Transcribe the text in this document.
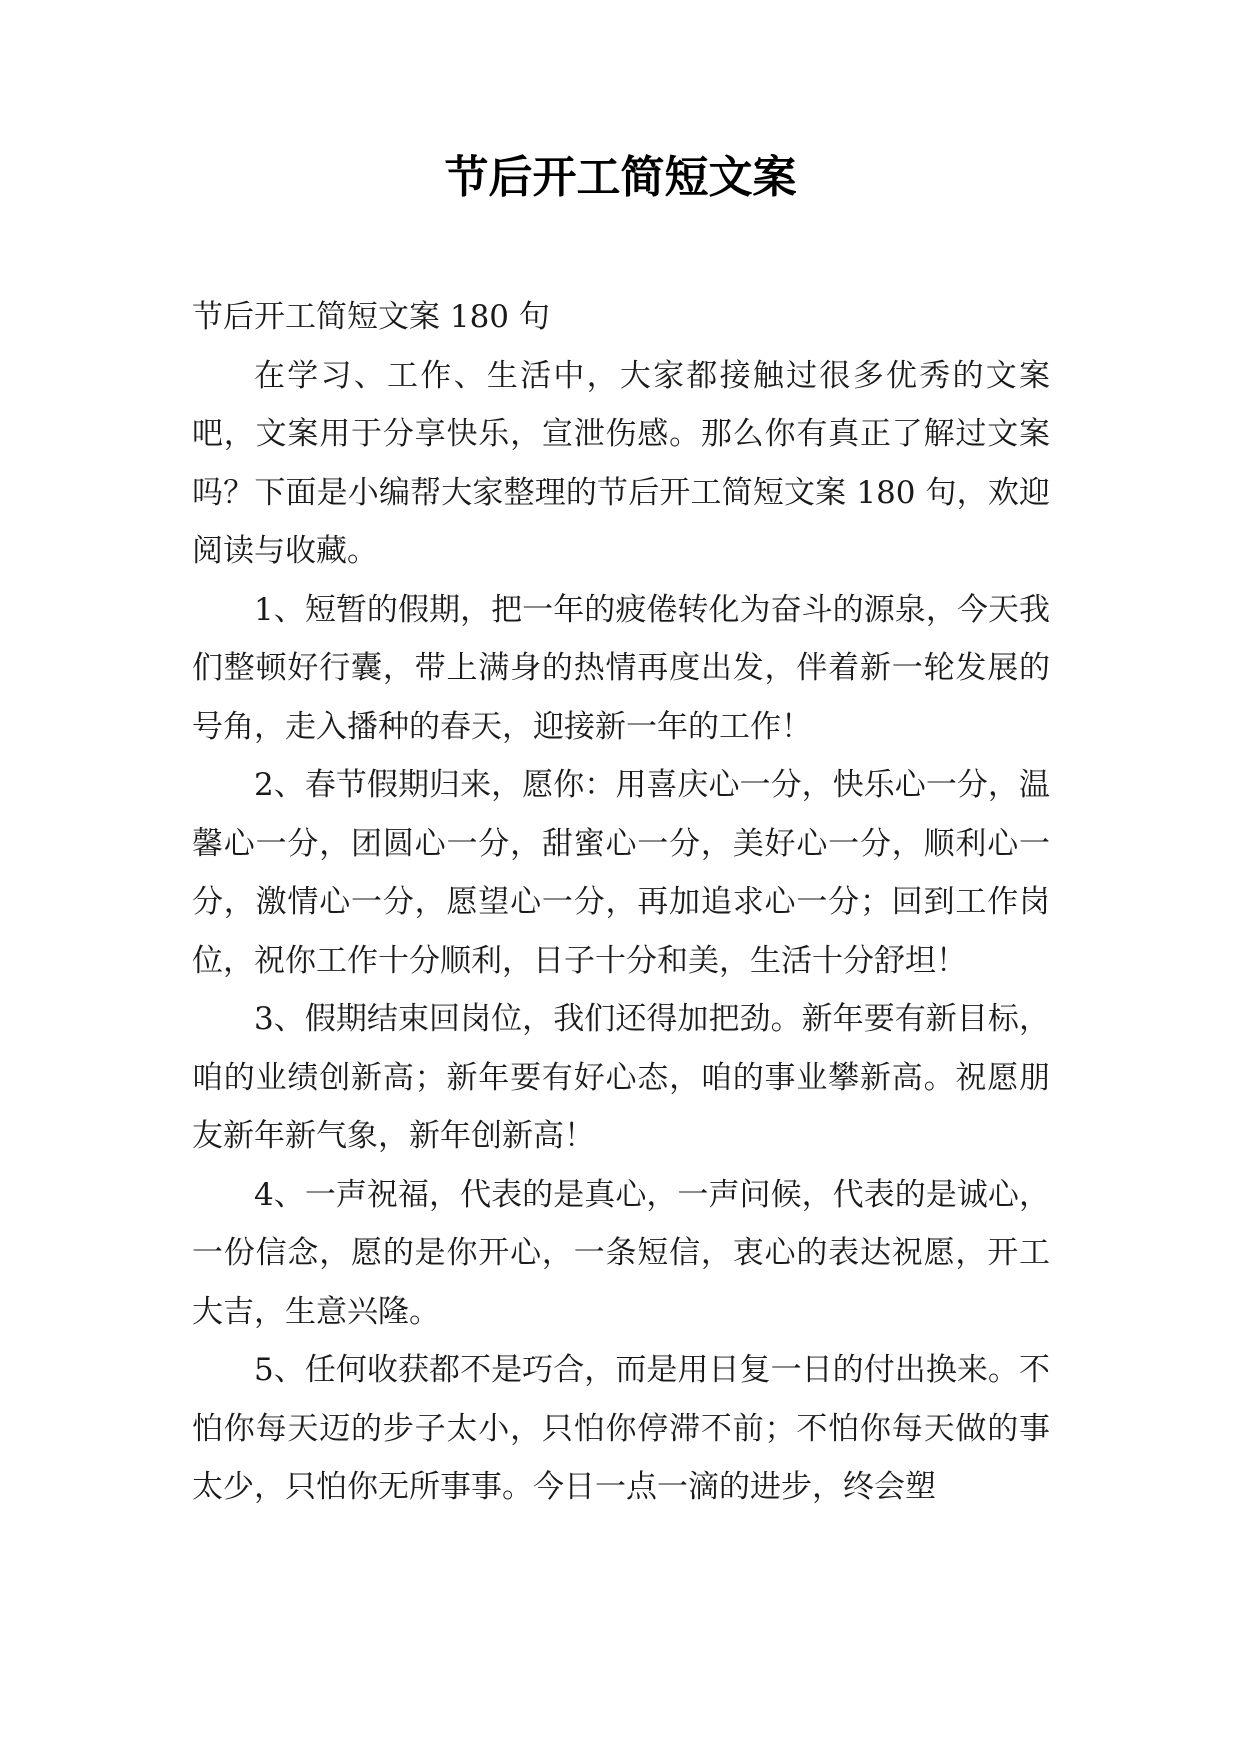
节后开工简短文案

节后开工简短文案 180 句

在学习、工作、生活中，大家都接触过很多优秀的文案吧，文案用于分享快乐，宣泄伤感。那么你有真正了解过文案吗？下面是小编帮大家整理的节后开工简短文案 180 句，欢迎阅读与收藏。

1、短暂的假期，把一年的疲倦转化为奋斗的源泉，今天我们整顿好行囊，带上满身的热情再度出发，伴着新一轮发展的号角，走入播种的春天，迎接新一年的工作！

2、春节假期归来，愿你：用喜庆心一分，快乐心一分，温馨心一分，团圆心一分，甜蜜心一分，美好心一分，顺利心一分，激情心一分，愿望心一分，再加追求心一分；回到工作岗位，祝你工作十分顺利，日子十分和美，生活十分舒坦！

3、假期结束回岗位，我们还得加把劲。新年要有新目标，咱的业绩创新高；新年要有好心态，咱的事业攀新高。祝愿朋友新年新气象，新年创新高！

4、一声祝福，代表的是真心，一声问候，代表的是诚心，一份信念，愿的是你开心，一条短信，衷心的表达祝愿，开工大吉，生意兴隆。

5、任何收获都不是巧合，而是用日复一日的付出换来。不怕你每天迈的步子太小，只怕你停滞不前；不怕你每天做的事太少，只怕你无所事事。今日一点一滴的进步，终会塑
